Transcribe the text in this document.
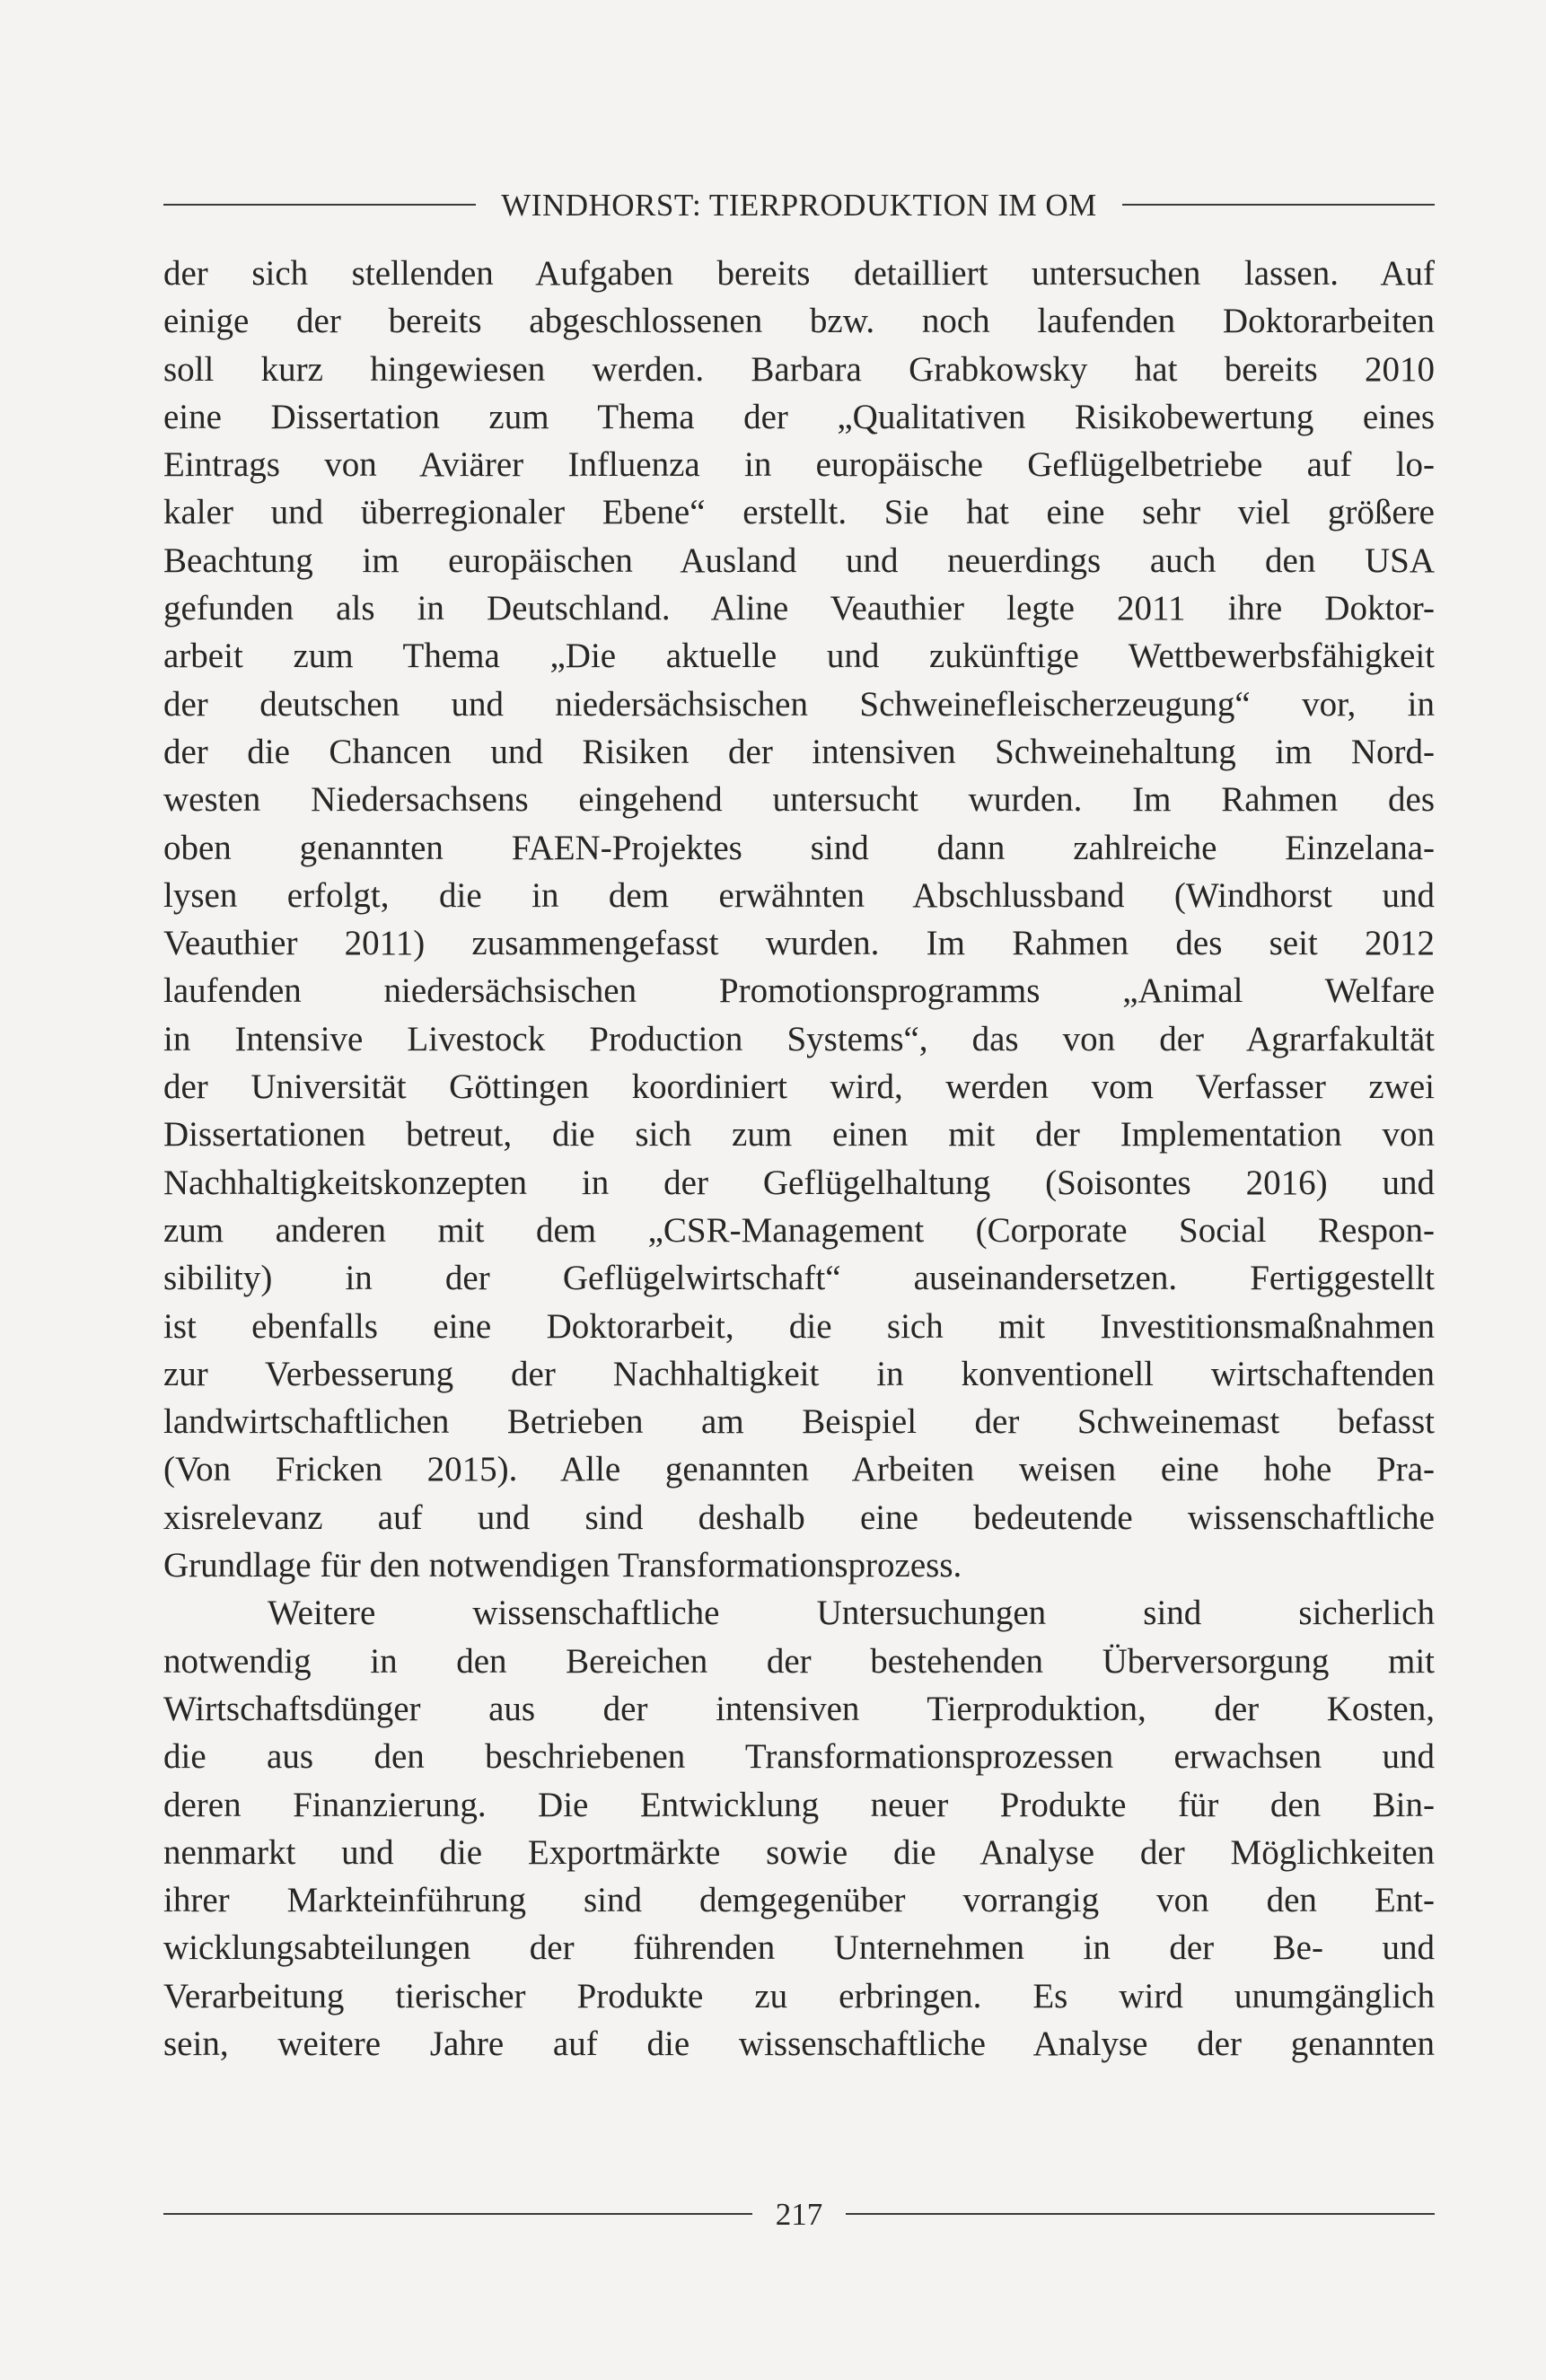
WINDHORST: TIERPRODUKTION IM OM
der sich stellenden Aufgaben bereits detailliert untersuchen lassen. Auf
einige der bereits abgeschlossenen bzw. noch laufenden Doktorarbeiten
soll kurz hingewiesen werden. Barbara Grabkowsky hat bereits 2010
eine Dissertation zum Thema der „Qualitativen Risikobewertung eines
Eintrags von Aviärer Influenza in europäische Geflügelbetriebe auf lo-
kaler und überregionaler Ebene“ erstellt. Sie hat eine sehr viel größere
Beachtung im europäischen Ausland und neuerdings auch den USA
gefunden als in Deutschland. Aline Veauthier legte 2011 ihre Doktor-
arbeit zum Thema „Die aktuelle und zukünftige Wettbewerbsfähigkeit
der deutschen und niedersächsischen Schweinefleischerzeugung“ vor, in
der die Chancen und Risiken der intensiven Schweinehaltung im Nord-
westen Niedersachsens eingehend untersucht wurden. Im Rahmen des
oben genannten FAEN-Projektes sind dann zahlreiche Einzelana-
lysen erfolgt, die in dem erwähnten Abschlussband (Windhorst und
Veauthier 2011) zusammengefasst wurden. Im Rahmen des seit 2012
laufenden niedersächsischen Promotionsprogramms „Animal Welfare
in Intensive Livestock Production Systems“, das von der Agrarfakultät
der Universität Göttingen koordiniert wird, werden vom Verfasser zwei
Dissertationen betreut, die sich zum einen mit der Implementation von
Nachhaltigkeitskonzepten in der Geflügelhaltung (Soisontes 2016) und
zum anderen mit dem „CSR-Management (Corporate Social Respon-
sibility) in der Geflügelwirtschaft“ auseinandersetzen. Fertiggestellt
ist ebenfalls eine Doktorarbeit, die sich mit Investitionsmaßnahmen
zur Verbesserung der Nachhaltigkeit in konventionell wirtschaftenden
landwirtschaftlichen Betrieben am Beispiel der Schweinemast befasst
(Von Fricken 2015). Alle genannten Arbeiten weisen eine hohe Pra-
xisrelevanz auf und sind deshalb eine bedeutende wissenschaftliche
Grundlage für den notwendigen Transformationsprozess.
Weitere wissenschaftliche Untersuchungen sind sicherlich
notwendig in den Bereichen der bestehenden Überversorgung mit
Wirtschaftsdünger aus der intensiven Tierproduktion, der Kosten,
die aus den beschriebenen Transformationsprozessen erwachsen und
deren Finanzierung. Die Entwicklung neuer Produkte für den Bin-
nenmarkt und die Exportmärkte sowie die Analyse der Möglichkeiten
ihrer Markteinführung sind demgegenüber vorrangig von den Ent-
wicklungsabteilungen der führenden Unternehmen in der Be- und
Verarbeitung tierischer Produkte zu erbringen. Es wird unumgänglich
sein, weitere Jahre auf die wissenschaftliche Analyse der genannten
217
